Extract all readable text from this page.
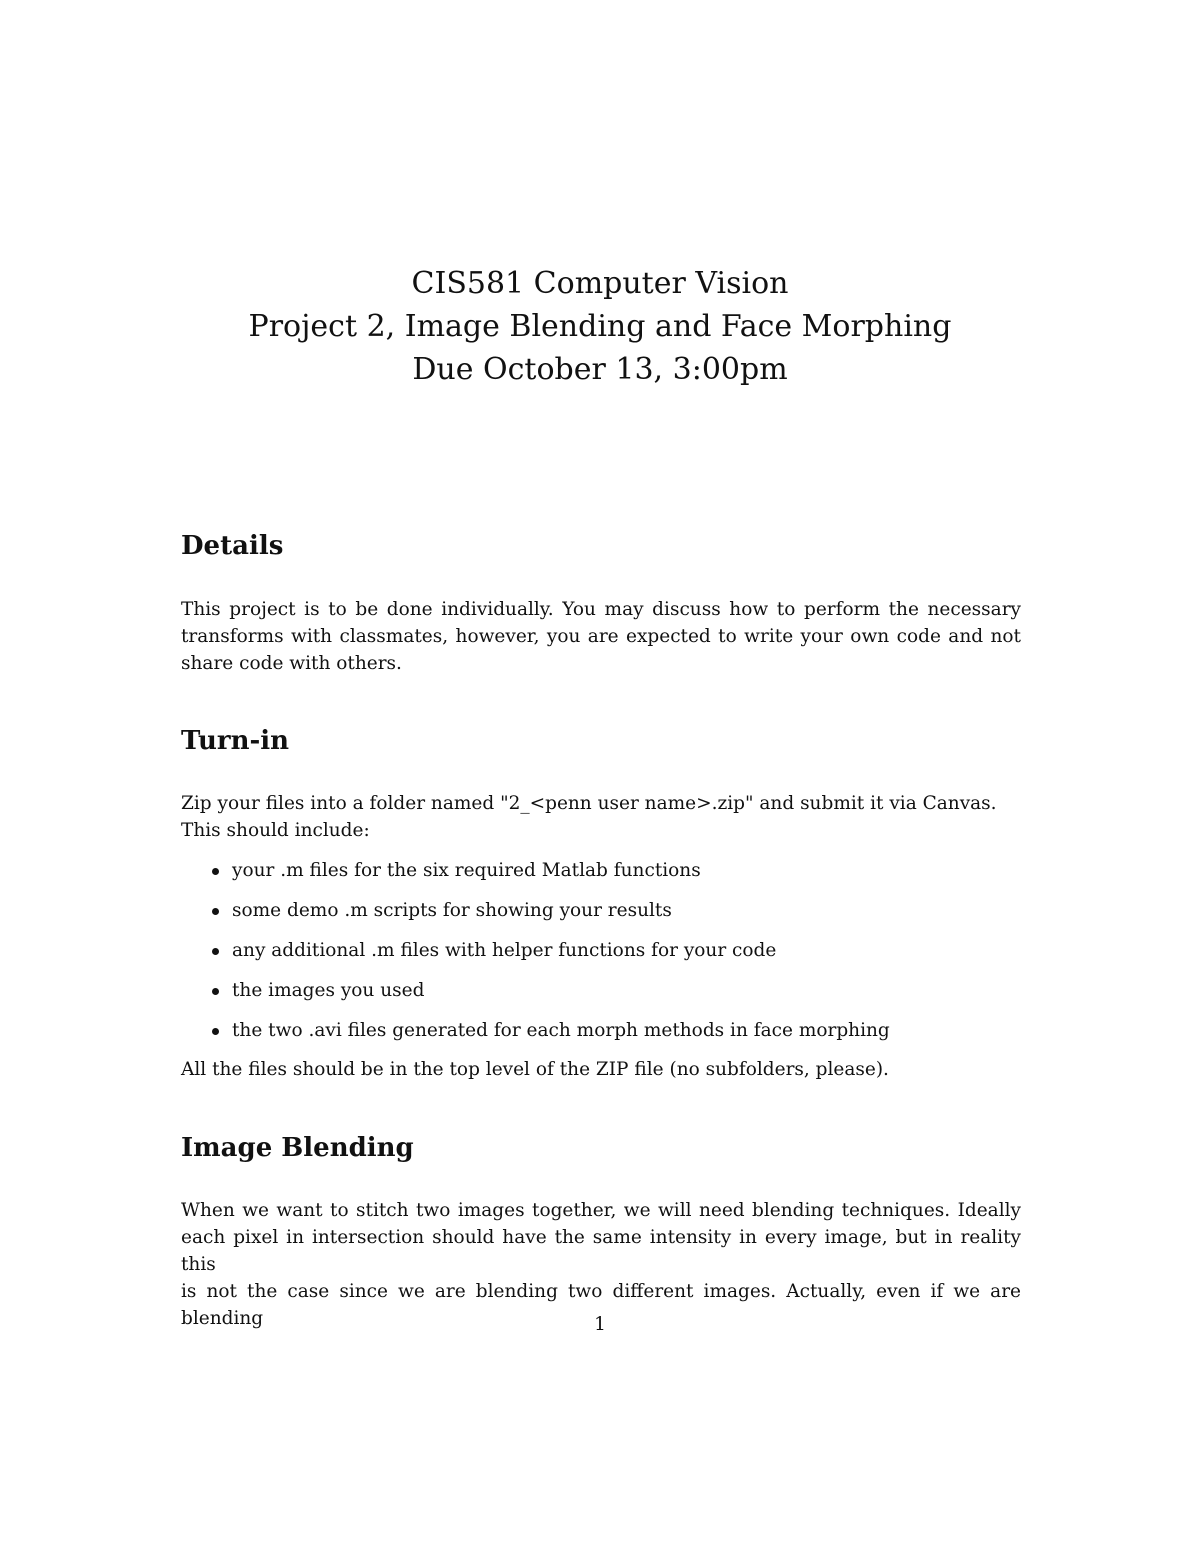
CIS581 Computer Vision
Project 2, Image Blending and Face Morphing
Due October 13, 3:00pm
Details
This project is to be done individually. You may discuss how to perform the necessary
transforms with classmates, however, you are expected to write your own code and not
share code with others.
Turn-in
Zip your files into a folder named "2_<penn user name>.zip" and submit it via Canvas.
This should include:
your .m files for the six required Matlab functions
some demo .m scripts for showing your results
any additional .m files with helper functions for your code
the images you used
the two .avi files generated for each morph methods in face morphing
All the files should be in the top level of the ZIP file (no subfolders, please).
Image Blending
When we want to stitch two images together, we will need blending techniques. Ideally
each pixel in intersection should have the same intensity in every image, but in reality this
is not the case since we are blending two different images. Actually, even if we are blending	1
